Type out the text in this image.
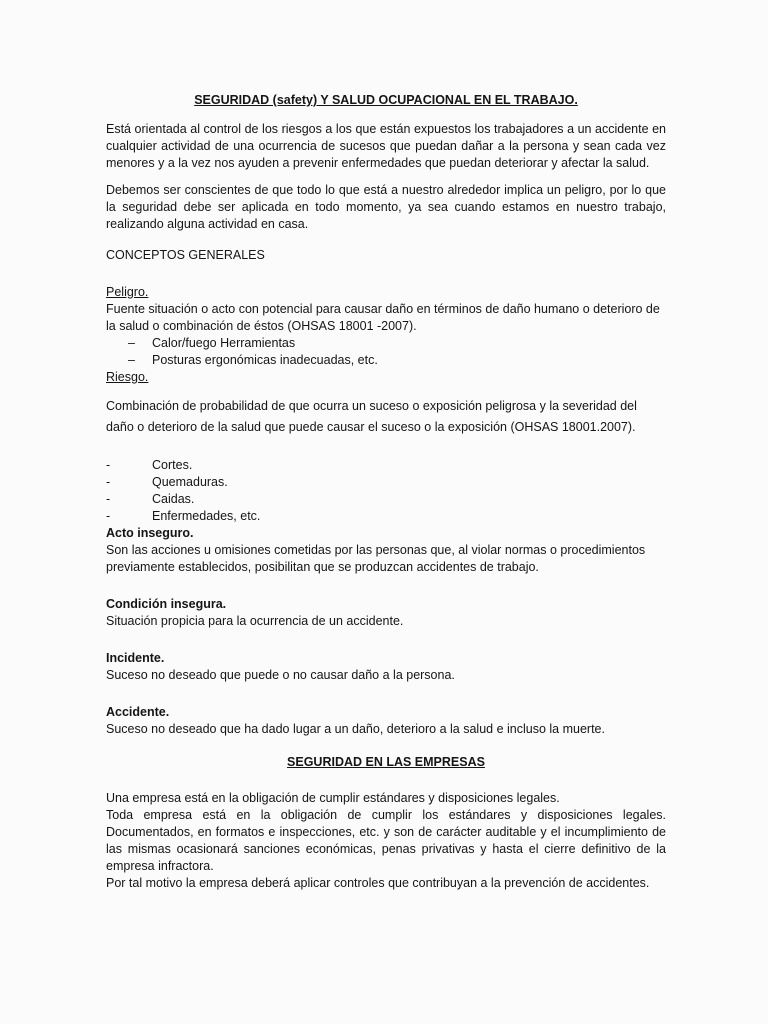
SEGURIDAD (safety) Y SALUD OCUPACIONAL EN EL TRABAJO.

Está orientada al control de los riesgos a los que están expuestos los trabajadores a un accidente en cualquier actividad de una ocurrencia de sucesos que puedan dañar a la persona y sean cada vez menores y a la vez nos ayuden a prevenir enfermedades que puedan deteriorar y afectar la salud.

Debemos ser conscientes de que todo lo que está a nuestro alrededor implica un peligro, por lo que la seguridad debe ser aplicada en todo momento, ya sea cuando estamos en nuestro trabajo, realizando alguna actividad en casa.

CONCEPTOS GENERALES

Peligro.

Fuente situación o acto con potencial para causar daño en términos de daño humano o deterioro de la salud o combinación de éstos (OHSAS 18001 -2007).

–	Calor/fuego Herramientas
–	Posturas ergonómicas inadecuadas, etc.

Riesgo.

Combinación de probabilidad de que ocurra un suceso o exposición peligrosa y la severidad del daño o deterioro de la salud que puede causar el suceso o la exposición (OHSAS 18001.2007).

-	Cortes.
-	Quemaduras.
-	Caidas.
-	Enfermedades, etc.

Acto inseguro.

Son las acciones u omisiones cometidas por las personas que, al violar normas o procedimientos previamente establecidos, posibilitan que se produzcan accidentes de trabajo.

Condición insegura.

Situación propicia para la ocurrencia de un accidente.

Incidente.

Suceso no deseado que puede o no causar daño a la persona.

Accidente.

Suceso no deseado que ha dado lugar a un daño, deterioro a la salud e incluso la muerte.

SEGURIDAD EN LAS EMPRESAS

Una empresa está en la obligación de cumplir estándares y disposiciones legales.

Toda empresa está en la obligación de cumplir los estándares y disposiciones legales. Documentados, en formatos e inspecciones, etc. y son de carácter auditable y el incumplimiento de las mismas ocasionará sanciones económicas, penas privativas y hasta el cierre definitivo de la empresa infractora.

Por tal motivo la empresa deberá aplicar controles que contribuyan a la prevención de accidentes.
